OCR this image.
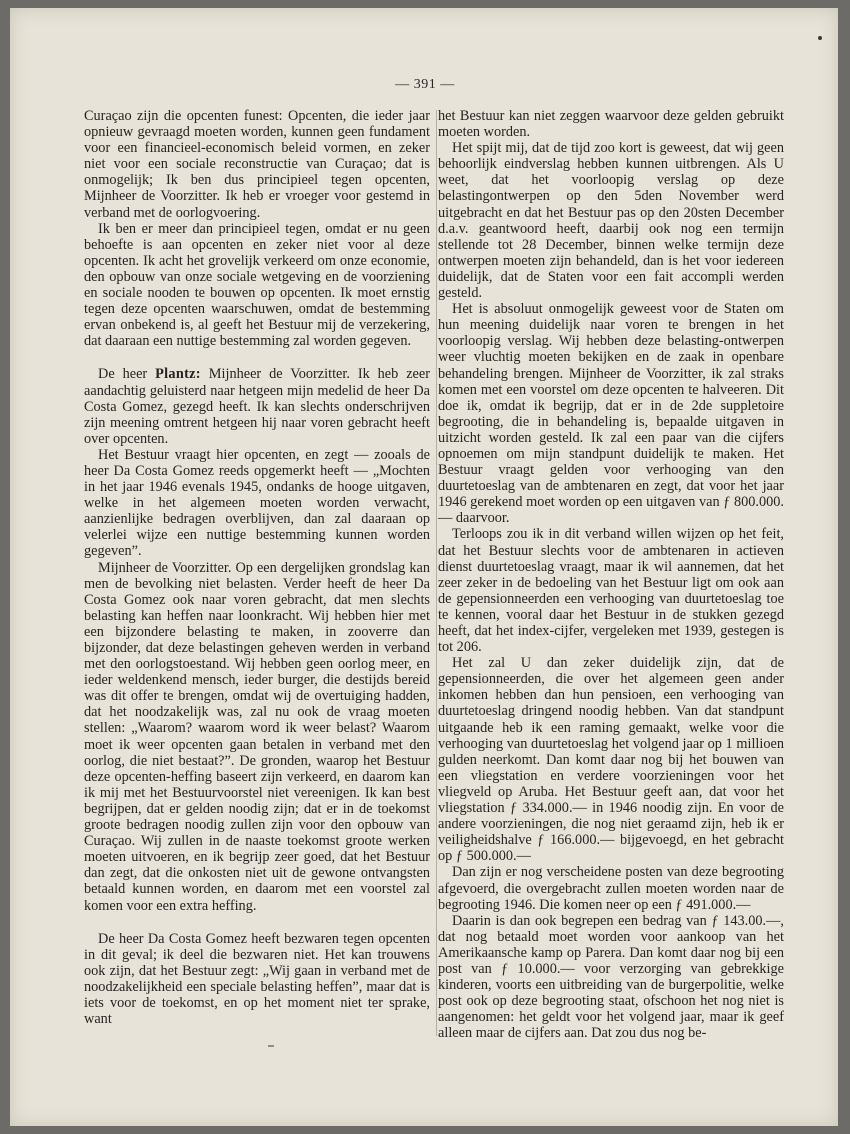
— 391 —

Curaçao zijn die opcenten funest: Opcenten, die ieder jaar opnieuw gevraagd moeten worden, kunnen geen fundament voor een financieel-economisch beleid vormen, en zeker niet voor een sociale reconstructie van Curaçao; dat is onmogelijk; Ik ben dus principieel tegen opcenten, Mijnheer de Voorzitter. Ik heb er vroeger voor gestemd in verband met de oorlogvoering.

Ik ben er meer dan principieel tegen, omdat er nu geen behoefte is aan opcenten en zeker niet voor al deze opcenten. Ik acht het grovelijk verkeerd om onze economie, den opbouw van onze sociale wetgeving en de voorziening en sociale nooden te bouwen op opcenten. Ik moet ernstig tegen deze opcenten waarschuwen, omdat de bestemming ervan onbekend is, al geeft het Bestuur mij de verzekering, dat daaraan een nuttige bestemming zal worden gegeven.

De heer Plantz: Mijnheer de Voorzitter. Ik heb zeer aandachtig geluisterd naar hetgeen mijn medelid de heer Da Costa Gomez, gezegd heeft. Ik kan slechts onderschrijven zijn meening omtrent hetgeen hij naar voren gebracht heeft over opcenten.

Het Bestuur vraagt hier opcenten, en zegt — zooals de heer Da Costa Gomez reeds opgemerkt heeft — „Mochten in het jaar 1946 evenals 1945, ondanks de hooge uitgaven, welke in het algemeen moeten worden verwacht, aanzienlijke bedragen overblijven, dan zal daaraan op velerlei wijze een nuttige bestemming kunnen worden gegeven”.

Mijnheer de Voorzitter. Op een dergelijken grondslag kan men de bevolking niet belasten. Verder heeft de heer Da Costa Gomez ook naar voren gebracht, dat men slechts belasting kan heffen naar loonkracht. Wij hebben hier met een bijzondere belasting te maken, in zooverre dan bijzonder, dat deze belastingen geheven werden in verband met den oorlogstoestand. Wij hebben geen oorlog meer, en ieder weldenkend mensch, ieder burger, die destijds bereid was dit offer te brengen, omdat wij de overtuiging hadden, dat het noodzakelijk was, zal nu ook de vraag moeten stellen: „Waarom? waarom word ik weer belast? Waarom moet ik weer opcenten gaan betalen in verband met den oorlog, die niet bestaat?”. De gronden, waarop het Bestuur deze opcenten-heffing baseert zijn verkeerd, en daarom kan ik mij met het Bestuurvoorstel niet vereenigen. Ik kan best begrijpen, dat er gelden noodig zijn; dat er in de toekomst groote bedragen noodig zullen zijn voor den opbouw van Curaçao. Wij zullen in de naaste toekomst groote werken moeten uitvoeren, en ik begrijp zeer goed, dat het Bestuur dan zegt, dat die onkosten niet uit de gewone ontvangsten betaald kunnen worden, en daarom met een voorstel zal komen voor een extra heffing.

De heer Da Costa Gomez heeft bezwaren tegen opcenten in dit geval; ik deel die bezwaren niet. Het kan trouwens ook zijn, dat het Bestuur zegt: „Wij gaan in verband met de noodzakelijkheid een speciale belasting heffen”, maar dat is iets voor de toekomst, en op het moment niet ter sprake, want

het Bestuur kan niet zeggen waarvoor deze gelden gebruikt moeten worden.

Het spijt mij, dat de tijd zoo kort is geweest, dat wij geen behoorlijk eindverslag hebben kunnen uitbrengen. Als U weet, dat het voorloopig verslag op deze belastingontwerpen op den 5den November werd uitgebracht en dat het Bestuur pas op den 20sten December d.a.v. geantwoord heeft, daarbij ook nog een termijn stellende tot 28 December, binnen welke termijn deze ontwerpen moeten zijn behandeld, dan is het voor iedereen duidelijk, dat de Staten voor een fait accompli werden gesteld.

Het is absoluut onmogelijk geweest voor de Staten om hun meening duidelijk naar voren te brengen in het voorloopig verslag. Wij hebben deze belasting-ontwerpen weer vluchtig moeten bekijken en de zaak in openbare behandeling brengen. Mijnheer de Voorzitter, ik zal straks komen met een voorstel om deze opcenten te halveeren. Dit doe ik, omdat ik begrijp, dat er in de 2de suppletoire begrooting, die in behandeling is, bepaalde uitgaven in uitzicht worden gesteld. Ik zal een paar van die cijfers opnoemen om mijn standpunt duidelijk te maken. Het Bestuur vraagt gelden voor verhooging van den duurtetoeslag van de ambtenaren en zegt, dat voor het jaar 1946 gerekend moet worden op een uitgaven van ƒ 800.000.— daarvoor.

Terloops zou ik in dit verband willen wijzen op het feit, dat het Bestuur slechts voor de ambtenaren in actieven dienst duurtetoeslag vraagt, maar ik wil aannemen, dat het zeer zeker in de bedoeling van het Bestuur ligt om ook aan de gepensionneerden een verhooging van duurtetoeslag toe te kennen, vooral daar het Bestuur in de stukken gezegd heeft, dat het index-cijfer, vergeleken met 1939, gestegen is tot 206.

Het zal U dan zeker duidelijk zijn, dat de gepensionneerden, die over het algemeen geen ander inkomen hebben dan hun pensioen, een verhooging van duurtetoeslag dringend noodig hebben. Van dat standpunt uitgaande heb ik een raming gemaakt, welke voor die verhooging van duurtetoeslag het volgend jaar op 1 millioen gulden neerkomt. Dan komt daar nog bij het bouwen van een vliegstation en verdere voorzieningen voor het vliegveld op Aruba. Het Bestuur geeft aan, dat voor het vliegstation ƒ 334.000.— in 1946 noodig zijn. En voor de andere voorzieningen, die nog niet geraamd zijn, heb ik er veiligheidshalve ƒ 166.000.— bijgevoegd, en het gebracht op ƒ 500.000.—

Dan zijn er nog verscheidene posten van deze begrooting afgevoerd, die overgebracht zullen moeten worden naar de begrooting 1946. Die komen neer op een ƒ 491.000.—

Daarin is dan ook begrepen een bedrag van ƒ 143.00.—, dat nog betaald moet worden voor aankoop van het Amerikaansche kamp op Parera. Dan komt daar nog bij een post van ƒ 10.000.— voor verzorging van gebrekkige kinderen, voorts een uitbreiding van de burgerpolitie, welke post ook op deze begrooting staat, ofschoon het nog niet is aangenomen: het geldt voor het volgend jaar, maar ik geef alleen maar de cijfers aan. Dat zou dus nog be-
